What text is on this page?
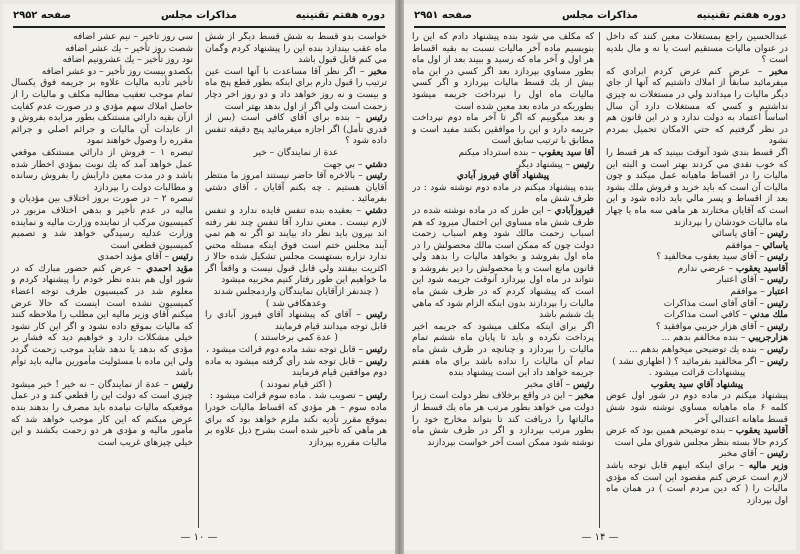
دوره هفتم تقنينيه
مذاكرات مجلس
صفحه ۲۹۵۲

خواست بدو قسط به شش قسط ديگر از شش ماه عقب بيندازد بنده اين را پيشنهاد كردم وگمان مي كنم قابل قبول باشد

مخبر – اگر نظر آقا مساعدت با آنها است عين ترتيب را قبول دارم براي اينكه بطور قطع پنج ماه و بيست و نه روز خواهد داد و دو روز اخر دچار زحمت است ولي اگر از اول بدهد بهتر است

رئيس – بنده براي آقاي كافي است (بس از قدري تأمل) اگر اجازه ميفرمائيد پنج دقيقه تنفس داده شود ؟

عدة از نمايندگان – خير

دشتي – بي جهت

رئيس – بالاخره آقا حاضر نيستند امروز ما منتظر آقايان هستيم . چه بكنم آقايان ، آقاي دشتي بفرمائيد .

دشتي – بعقيده بنده تنفس فايده ندارد و تنفس لازم نيست . معني ندارد آقا تنفس چند نفر رفته اند بيرون بايد نظر داد بيايند تو اگر نه هم تمي آيند مجلس ختم است فوق اينكه مسئله محني ندارد نزاره بستهست مجلس تشكيل شده حالا ز اكثريت بيفتند ولي قابل قبول نيست و واقعاً اگر ما خواهيم اين طور رفتار كنيم مخربيه ميشود

( چندنفر ازآقايان نمايندگان واردمجلس شدند وعدهكافي شد )

رئيس – آقاي كه پيشنهاد آقاي فيروز آبادي را قابل توجه ميدانند قيام فرمايند

( عدة كمي برخاستند )

رئيس – قابل توجه نشد ماده دوم قرائت ميشود ،

رئيس – قابل توجه شد رأي گرفته ميشود به ماده دوم موافقين قيام فرمايند

( اكثر قيام نمودند )

رئيس – تصويب شد . ماده سوم قرائت ميشود :

ماده سوم – هر مؤدي كه اقساط ماليات خودرا بموقع مقرر تأديه نكند ملزم خواهد بود كه براي هر ماهي كه تأخير شده است بشرح ذيل علاوه بر ماليات مقرره بپردازد

سي روز تأخير – نيم عشر اضافه

شصت روز تأخير – يك عشر اضافه

نود روز تأخير – يك عشرونيم اضافه

بكصدو بيست روز تأخير – دو عشر اضافه

تأخير تأديه ماليات علاوه بر جريمه فوق يكسال تمام موجب تعقيب مطالبه مكلف و ماليات را از حاصل املاك سهم مؤدي و در صورت عدم كفايت ازآن بقيه دارائي مستنكف بطور مزايده بفروش و از عايدات آن ماليات و جرائم اصلي و جرائم مقرره را وصول خواهند نمود

تبصره ۱ – فروش از دارائي مستنكف موقعي عمل خواهد آمد كه يك نوبت بمؤدي اخطار شده باشد و در مدت معين دارايش را بفروش رسانده و مطالبات دولت را بپردازد

تبصره ۲ – در صورت بروز اختلاف بين مؤديان و ماليه در عدم تأخير و بدهي اختلاف مزبور در كميسيون مركب از نماينده وزارت ماليه و نماينده وزارت عدليه رسيدگي خواهد شد و تصميم كميسيون قطعي است

رئيس – آقاي مؤيد احمدي

مؤيد احمدي – عرض كنم حضور مبارك كه در شور اول هم بنده نظر خودم را پيشنهاد كردم و معلوم شد در كميسيون طرف توجه اعضاء كميسيون نشده است اينست كه حالا عرض ميكنم آقاي وزير ماليه اين مطلب را ملاحظه كنند كه ماليات بموقع داده نشود و اگر اين كار نشود خيلي مشكلات دارد و خواهيم ديد كه فشار بر مؤدي كه بدهد يا ندهد شايد موجب زحمت گردد ولي اين ماده با مسئوليت مأمورين ماليه بايد توأم باشد

رئيس – عدة از نمايندگان – نه خير ! خير ميشود چيزي است كه دولت اين را قطعي كند و در عمل موقعيكه ماليات نيامده بايد مصرف را بدهند بنده عرض ميكنم كه اين كار موجب خواهد شد كه مأمور ماليه و مؤدي هر دو زحمت بكشند و اين خيلي چيزهاي غريب است

— ۱۰ —
دوره هفتم تقنينيه
مذاكرات مجلس
صفحه ۲۹۵۱

عبدالحسين راجع بمستغلات معين كنند كه داخل در عنوان ماليات مستقيم است يا نه و مال بلديه است ؟

مخبر – عرض كنم عرض كردم ايرادي كه ميفرمائيد سابقاً از املاك داشتيم كه آنها از جاي ديگر ماليات را ميدادند ولي در مستغلات نه چيزي نداشتيم و كسي كه مستغلات دارد آن سال اساساً اعتماد به دولت ندارد و در اين قانون هم در نظر گرفتيم كه حتي الامكان تحميل بمردم نشود

اگر قسط بندي شود آنوقت ببينيد كه هر قسط را كه خوب نقدي مي كردند بهتر است و البته اين ماليات را در اقساط ماهيانه عمل ميكند و چون ماليات آن است كه بايد خريد و فروش ملك بشود بعد از اقساط و پسر مالي بايد داده شود و اين است كه آقايان مختارند هر ماهي سه ماه يا چهار ماه ماليات خودشان را بپردازند

رئيس – آقاي ياسائي

ياسائي – موافقم

رئيس – آقاي سيد يعقوب مخالفيد ؟

آقاسيد يعقوب – عرضي ندارم

رئيس – آقاي اعتبار

اعتبار – موافقم

رئيس – آقاي آفاي است مذاكرات

ملك مدني – كافي است مذاكرات

رئيس – آقاي هزار جريبي موافقيد ؟

هزارجريبي – بنده مخالفم بدهم ...

رئيس – بنده يك توضيحي ميخواهم بدهم ...

رئيس – اگر مخالفيد بفرمائيد ؟ ( اظهاري نشد )

پيشنهادات قرائت ميشود .

پيشنهاد آقاي سيد يعقوب

پيشنهاد ميكنم در ماده دوم در شور اول عوض كلمه ۶ ماه ماهيانه مساوي نوشته شود شش قسط ماهانه اعتدالي آخر

آقاسيد يعقوب – بنده توضيحم همين بود كه عرض كردم حالا بسته بنظر مجلس شوراي ملي است

رئيس – آقاي مخبر

وزير ماليه – براي اينكه اينهم قابل توجه باشد لازم است عرض كنم مقصود اين است كه مؤدي ماليات را ( كه دين مردم است ) در همان ماه اول بپردازد

كه مكلف مي شود بنده پيشنهاد دادم كه اين را بنويسيم ماده آخر ماليات نسبت به بقيه اقساط هر اول و آخر ماه كه رسيد و ببيند بعد از اول ماه بطور مساوي بپردازد بعد اگر كسي در اين ماه بيش از يك قسط ماليات بپردازد و اگر كسي ماليات ماه اول را نپرداخت جريمه ميشود بطوريكه در ماده بعد معين شده است

و بعد ميگوييم كه اگر تا آخر ماه دوم نپرداخت جريمه دارد و اين را موافقين بكنند مفيد است و مطابق با ترتيب سابق است

آقا سيد يعقوب – بنده استرداد ميكنم

رئيس – پيشنهاد ديگر

پيشنهاد آقاي فيروز آبادي

بنده پيشنهاد ميكنم در ماده دوم نوشته شود : در ظرف شش ماه

فيروزآبادي – اين طرز كه در ماده نوشته شده در ظرف شش ماه مساوي اين احتمال ميرود كه هم اسباب زحمت مالك شود وهم اسباب زحمت دولت چون كه ممكن است مالك محصولش را در ماه اول بفروشد و بخواهد ماليات را بدهد ولي قانون مانع است و يا محصولش را دير بفروشد و نتواند در ماه اول بپردازد آنوقت جريمه شود اين است كه پيشنهاد كردم كه در ظرف شش ماه ماليات را بپردازند بدون اينكه الزام شود كه ماهي يك ششم باشد

اگر براي اينكه مكلف ميشود كه جريمه اخير پرداخت نكرده و بايد تا پايان ماه ششم تمام ماليات را بپردازد و چنانچه در ظرف شش ماه تمام آن ماليات را نداده باشد براي ماه هفتم جريمه خواهد داد اين است پيشنهاد بنده

رئيس – آقاي مخبر

مخبر – اين در واقع برخلاف نظر دولت است زيرا دولت مي خواهد بطور مرتب هر ماه يك قسط از مالياتها را دريافت كند تا بتواند مخارج خود را بطور مرتب بپردازد و اگر در ظرف شش ماه نوشته شود ممكن است آخر خواست بپردازند

— ۱۴ —
